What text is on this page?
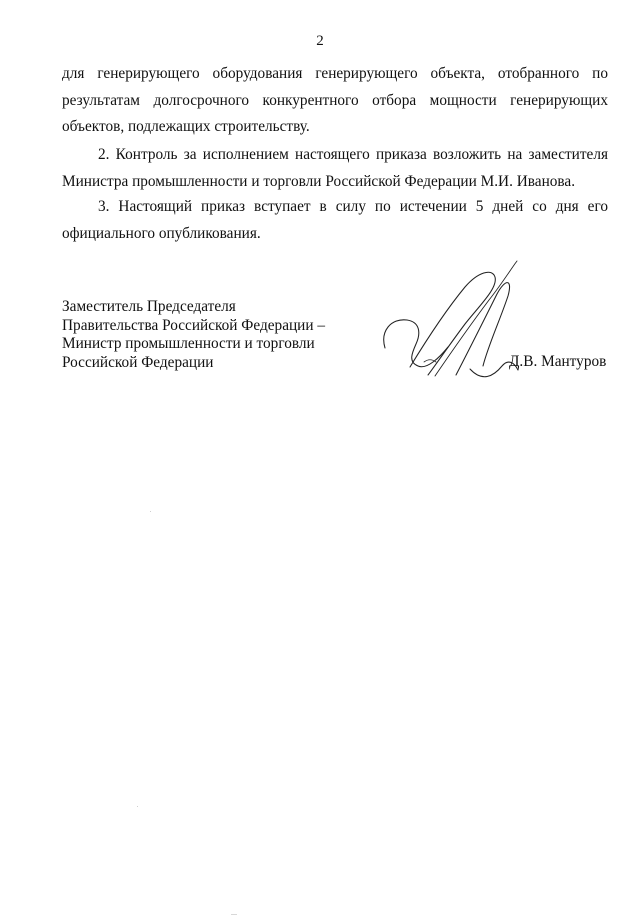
2

для генерирующего оборудования генерирующего объекта, отобранного по результатам долгосрочного конкурентного отбора мощности генерирующих объектов, подлежащих строительству.

2. Контроль за исполнением настоящего приказа возложить на заместителя Министра промышленности и торговли Российской Федерации М.И. Иванова.

3. Настоящий приказ вступает в силу по истечении 5 дней со дня его официального опубликования.

Заместитель Председателя
Правительства Российской Федерации –
Министр промышленности и торговли
Российской Федерации	Д.В. Мантуров
